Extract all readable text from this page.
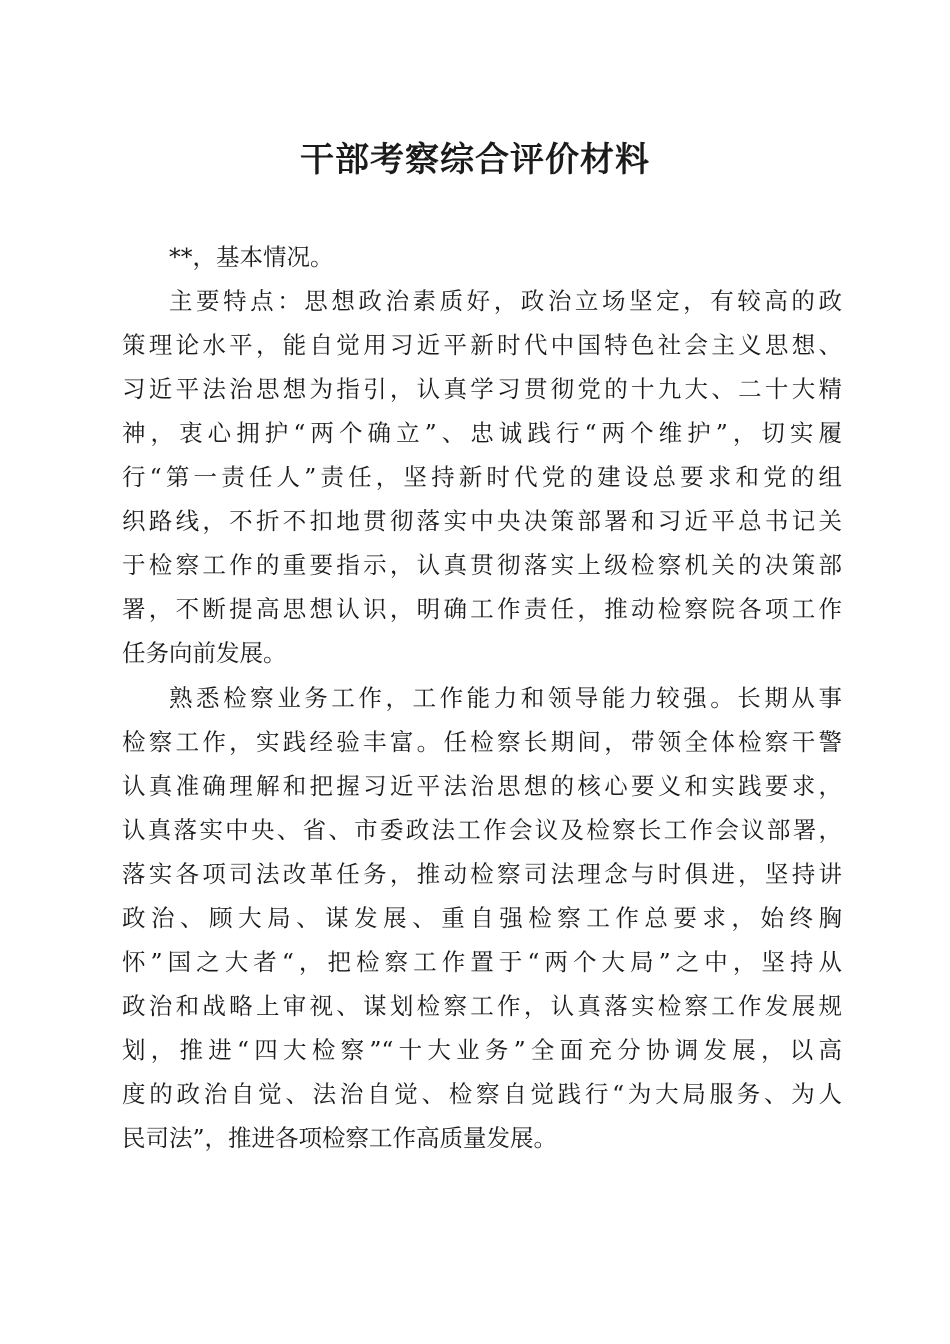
干部考察综合评价材料

**，基本情况。

主要特点：思想政治素质好，政治立场坚定，有较高的政

策理论水平，能自觉用习近平新时代中国特色社会主义思想、

习近平法治思想为指引，认真学习贯彻党的十九大、二十大精

神，衷心拥护“两个确立”、忠诚践行“两个维护”，切实履

行“第一责任人”责任，坚持新时代党的建设总要求和党的组

织路线，不折不扣地贯彻落实中央决策部署和习近平总书记关

于检察工作的重要指示，认真贯彻落实上级检察机关的决策部

署，不断提高思想认识，明确工作责任，推动检察院各项工作

任务向前发展。

熟悉检察业务工作，工作能力和领导能力较强。长期从事

检察工作，实践经验丰富。任检察长期间，带领全体检察干警

认真准确理解和把握习近平法治思想的核心要义和实践要求，

认真落实中央、省、市委政法工作会议及检察长工作会议部署，

落实各项司法改革任务，推动检察司法理念与时俱进，坚持讲

政治、顾大局、谋发展、重自强检察工作总要求，始终胸

怀”国之大者“，把检察工作置于“两个大局”之中，坚持从

政治和战略上审视、谋划检察工作，认真落实检察工作发展规

划，推进“四大检察”“十大业务”全面充分协调发展，以高

度的政治自觉、法治自觉、检察自觉践行“为大局服务、为人

民司法”，推进各项检察工作高质量发展。
